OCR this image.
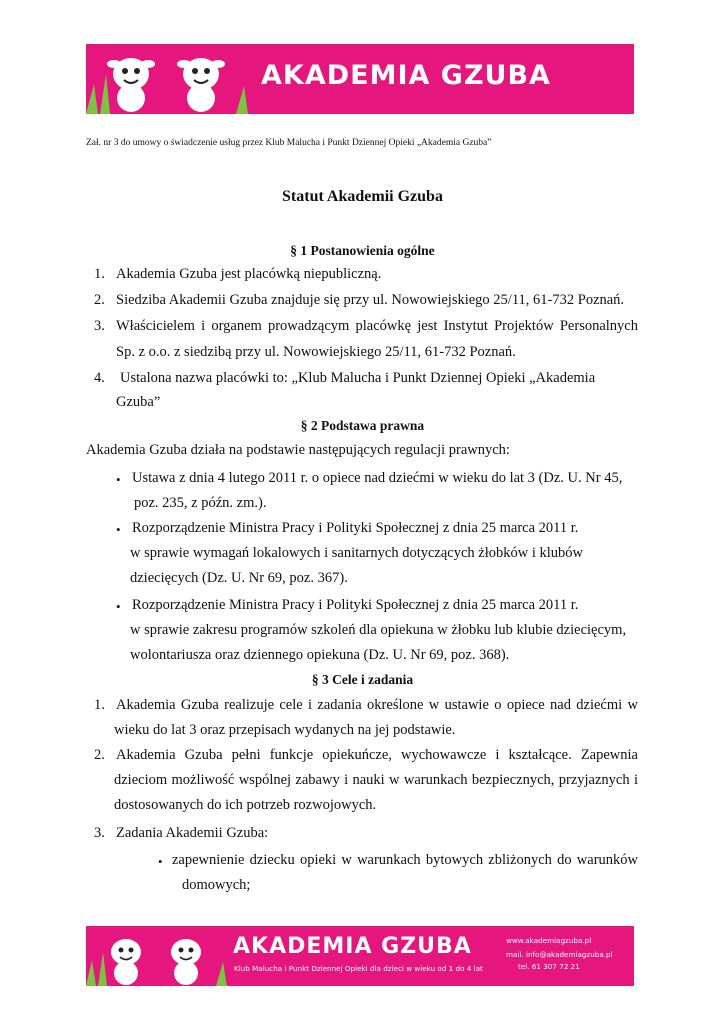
AKADEMIA GZUBA
Zał. nr 3 do umowy o świadczenie usług przez Klub Malucha i Punkt Dziennej Opieki „Akademia Gzuba”
Statut Akademii Gzuba
§ 1 Postanowienia ogólne
1. Akademia Gzuba jest placówką niepubliczną.
2. Siedziba Akademii Gzuba znajduje się przy ul. Nowowiejskiego 25/11, 61-732 Poznań.
3. Właścicielem i organem prowadzącym placówkę jest Instytut Projektów Personalnych
Sp. z o.o. z siedzibą przy ul. Nowowiejskiego 25/11, 61-732 Poznań.
4. Ustalona nazwa placówki to: „Klub Malucha i Punkt Dziennej Opieki „Akademia
Gzuba”
§ 2 Podstawa prawna
Akademia Gzuba działa na podstawie następujących regulacji prawnych:
• Ustawa z dnia 4 lutego 2011 r. o opiece nad dziećmi w wieku do lat 3 (Dz. U. Nr 45,
poz. 235, z późn. zm.).
• Rozporządzenie Ministra Pracy i Polityki Społecznej z dnia 25 marca 2011 r.
w sprawie wymagań lokalowych i sanitarnych dotyczących żłobków i klubów
dziecięcych (Dz. U. Nr 69, poz. 367).
• Rozporządzenie Ministra Pracy i Polityki Społecznej z dnia 25 marca 2011 r.
w sprawie zakresu programów szkoleń dla opiekuna w żłobku lub klubie dziecięcym,
wolontariusza oraz dziennego opiekuna (Dz. U. Nr 69, poz. 368).
§ 3 Cele i zadania
1. Akademia Gzuba realizuje cele i zadania określone w ustawie o opiece nad dziećmi w
wieku do lat 3 oraz przepisach wydanych na jej podstawie.
2. Akademia Gzuba pełni funkcje opiekuńcze, wychowawcze i kształcące. Zapewnia
dzieciom możliwość wspólnej zabawy i nauki w warunkach bezpiecznych, przyjaznych i
dostosowanych do ich potrzeb rozwojowych.
3. Zadania Akademii Gzuba:
• zapewnienie dziecku opieki w warunkach bytowych zbliżonych do warunków
domowych;
AKADEMIA GZUBA
Klub Malucha i Punkt Dziennej Opieki dla dzieci w wieku od 1 do 4 lat
www.akademiagzuba.pl
mail. info@akademiagzuba.pl
tel. 61 307 72 21
